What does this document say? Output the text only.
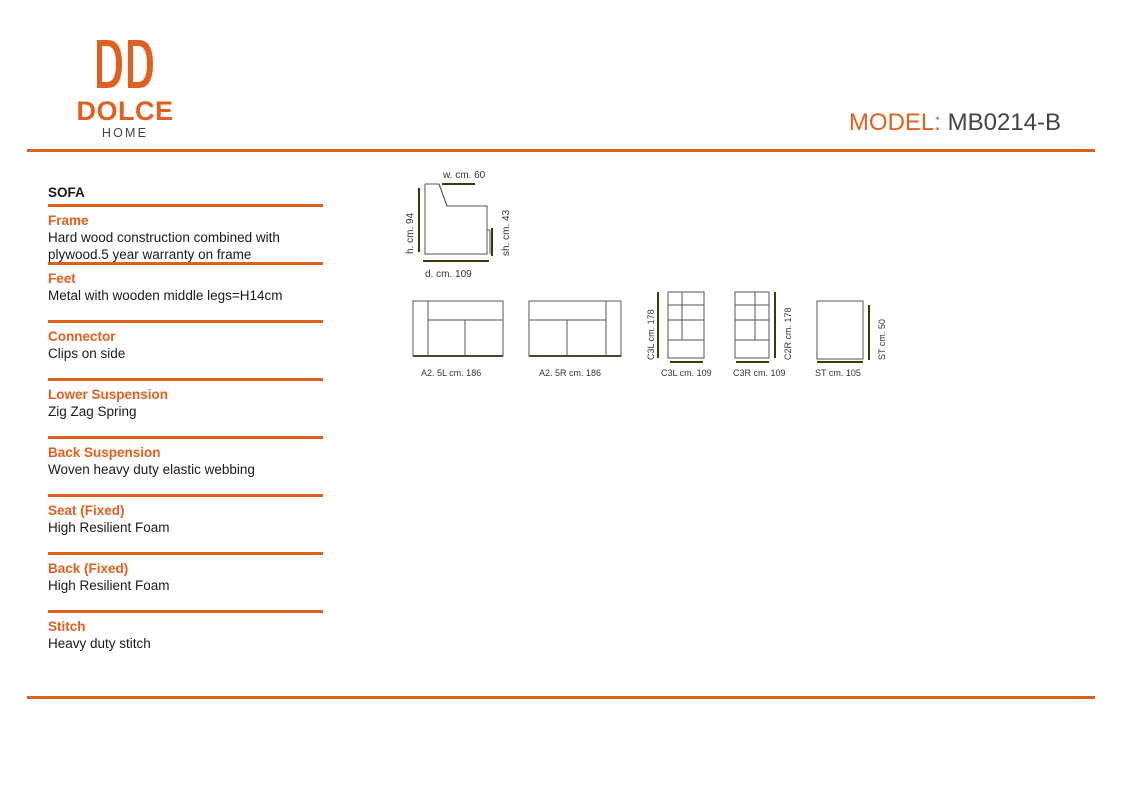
DOLCE
HOME	MODEL: MB0214-B
SOFA
Frame
Hard wood construction combined with plywood.5 year warranty on frame
Feet
Metal with wooden middle legs=H14cm
Connector
Clips on side
Lower Suspension
Zig Zag Spring
Back Suspension
Woven heavy duty elastic webbing
Seat (Fixed)
High Resilient Foam
Back (Fixed)
High Resilient Foam
Stitch
Heavy duty stitch
w. cm. 60
h. cm. 94	sh. cm. 43
d. cm. 109
A2. 5L cm. 186	A2. 5R cm. 186	C3L cm. 109 C3R cm. 109	ST cm. 105
C3L cm. 178	C2R cm. 178	ST cm. 50
